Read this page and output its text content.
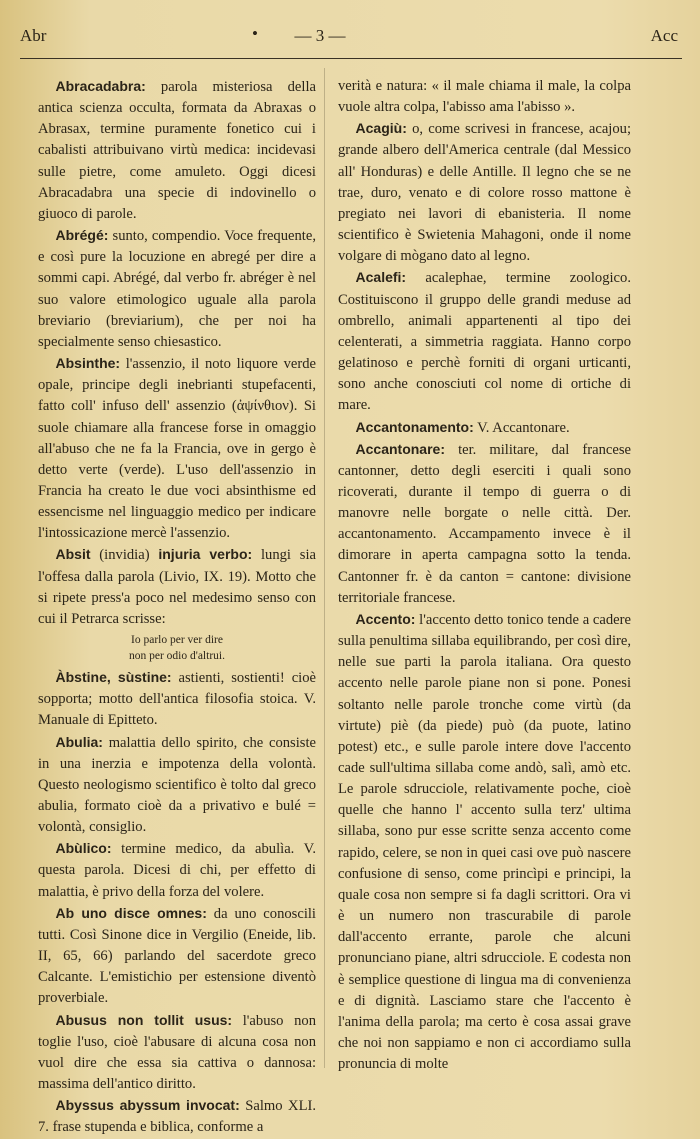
Abr	•	— 3 —	Acc

Abracadabra: parola misteriosa della antica scienza occulta, formata da Abraxas o Abrasax, termine puramente fonetico cui i cabalisti attribuivano virtù medica: incidevasi sulle pietre, come amuleto. Oggi dicesi Abracadabra una specie di indovinello o giuoco di parole.

Abrégé: sunto, compendio. Voce frequente, e così pure la locuzione en abregé per dire a sommi capi. Abrégé, dal verbo fr. abréger è nel suo valore etimologico uguale alla parola breviario (breviarium), che per noi ha specialmente senso chiesastico.

Absinthe: l'assenzio, il noto liquore verde opale, principe degli inebrianti stupefacenti, fatto coll' infuso dell' assenzio (ἀψίνθιον). Si suole chiamare alla francese forse in omaggio all'abuso che ne fa la Francia, ove in gergo è detto verte (verde). L'uso dell'assenzio in Francia ha creato le due voci absinthisme ed essencisme nel linguaggio medico per indicare l'intossicazione mercè l'assenzio.

Absit (invidia) injuria verbo: lungi sia l'offesa dalla parola (Livio, IX. 19). Motto che si ripete press'a poco nel medesimo senso con cui il Petrarca scrisse:

Io parlo per ver dire
non per odio d'altrui.

Àbstine, sùstine: astienti, sostienti! cioè sopporta; motto dell'antica filosofia stoica. V. Manuale di Epitteto.

Abulia: malattia dello spirito, che consiste in una inerzia e impotenza della volontà. Questo neologismo scientifico è tolto dal greco abulia, formato cioè da a privativo e bulé = volontà, consiglio.

Abùlico: termine medico, da abulìa. V. questa parola. Dicesi di chi, per effetto di malattia, è privo della forza del volere.

Ab uno disce omnes: da uno conoscili tutti. Così Sinone dice in Vergilio (Eneide, lib. II, 65, 66) parlando del sacerdote greco Calcante. L'emistichio per estensione diventò proverbiale.

Abusus non tollit usus: l'abuso non toglie l'uso, cioè l'abusare di alcuna cosa non vuol dire che essa sia cattiva o dannosa: massima dell'antico diritto.

Abyssus abyssum invocat: Salmo XLI. 7. frase stupenda e biblica, conforme a

verità e natura: « il male chiama il male, la colpa vuole altra colpa, l'abisso ama l'abisso ».

Acagiù: o, come scrivesi in francese, acajou; grande albero dell'America centrale (dal Messico all' Honduras) e delle Antille. Il legno che se ne trae, duro, venato e di colore rosso mattone è pregiato nei lavori di ebanisteria. Il nome scientifico è Swietenia Mahagoni, onde il nome volgare di mògano dato al legno.

Acalefi: acalephae, termine zoologico. Costituiscono il gruppo delle grandi meduse ad ombrello, animali appartenenti al tipo dei celenterati, a simmetria raggiata. Hanno corpo gelatinoso e perchè forniti di organi urticanti, sono anche conosciuti col nome di ortiche di mare.

Accantonamento: V. Accantonare.

Accantonare: ter. militare, dal francese cantonner, detto degli eserciti i quali sono ricoverati, durante il tempo di guerra o di manovre nelle borgate o nelle città. Der. accantonamento. Accampamento invece è il dimorare in aperta campagna sotto la tenda. Cantonner fr. è da canton = cantone: divisione territoriale francese.

Accento: l'accento detto tonico tende a cadere sulla penultima sillaba equilibrando, per così dire, nelle sue parti la parola italiana. Ora questo accento nelle parole piane non si pone. Ponesi soltanto nelle parole tronche come virtù (da virtute) piè (da piede) può (da puote, latino potest) etc., e sulle parole intere dove l'accento cade sull'ultima sillaba come andò, salì, amò etc. Le parole sdrucciole, relativamente poche, cioè quelle che hanno l' accento sulla terz' ultima sillaba, sono pur esse scritte senza accento come rapido, celere, se non in quei casi ove può nascere confusione di senso, come princìpi e principi, la quale cosa non sempre si fa dagli scrittori. Ora vi è un numero non trascurabile di parole dall'accento errante, parole che alcuni pronunciano piane, altri sdrucciole. E codesta non è semplice questione di lingua ma di convenienza e di dignità. Lasciamo stare che l'accento è l'anima della parola; ma certo è cosa assai grave che noi non sappiamo e non ci accordiamo sulla pronuncia di molte
